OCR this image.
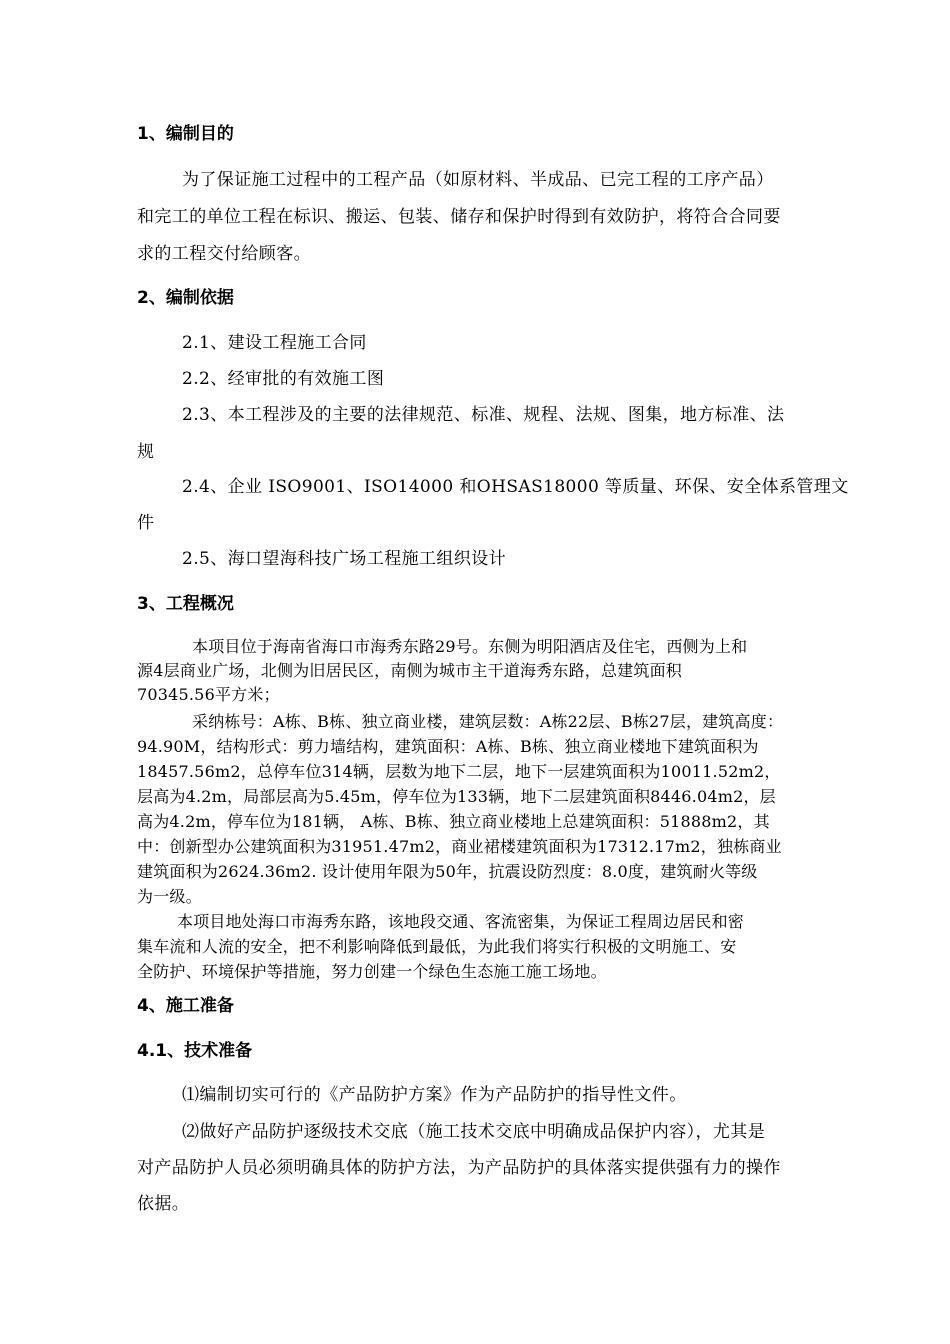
1、编制目的
为了保证施工过程中的工程产品（如原材料、半成品、已完工程的工序产品）
和完工的单位工程在标识、搬运、包装、储存和保护时得到有效防护，将符合合同要
求的工程交付给顾客。
2、编制依据
2.1、建设工程施工合同
2.2、经审批的有效施工图
2.3、本工程涉及的主要的法律规范、标准、规程、法规、图集，地方标准、法
规
2.4、企业 ISO9001、ISO14000 和OHSAS18000 等质量、环保、安全体系管理文
件
2.5、海口望海科技广场工程施工组织设计
3、工程概况
本项目位于海南省海口市海秀东路29号。东侧为明阳酒店及住宅，西侧为上和
源4层商业广场，北侧为旧居民区，南侧为城市主干道海秀东路，总建筑面积
70345.56平方米；
采纳栋号：A栋、B栋、独立商业楼，建筑层数：A栋22层、B栋27层，建筑高度：
94.90M，结构形式：剪力墙结构，建筑面积：A栋、B栋、独立商业楼地下建筑面积为
18457.56m2，总停车位314辆，层数为地下二层，地下一层建筑面积为10011.52m2，
层高为4.2m，局部层高为5.45m，停车位为133辆，地下二层建筑面积8446.04m2，层
高为4.2m，停车位为181辆， A栋、B栋、独立商业楼地上总建筑面积：51888m2，其
中：创新型办公建筑面积为31951.47m2，商业裙楼建筑面积为17312.17m2，独栋商业
建筑面积为2624.36m2. 设计使用年限为50年，抗震设防烈度：8.0度，建筑耐火等级
为一级。
本项目地处海口市海秀东路，该地段交通、客流密集，为保证工程周边居民和密
集车流和人流的安全，把不利影响降低到最低，为此我们将实行积极的文明施工、安
全防护、环境保护等措施，努力创建一个绿色生态施工施工场地。
4、施工准备
4.1、技术准备
⑴编制切实可行的《产品防护方案》作为产品防护的指导性文件。
⑵做好产品防护逐级技术交底（施工技术交底中明确成品保护内容），尤其是
对产品防护人员必须明确具体的防护方法，为产品防护的具体落实提供强有力的操作
依据。
